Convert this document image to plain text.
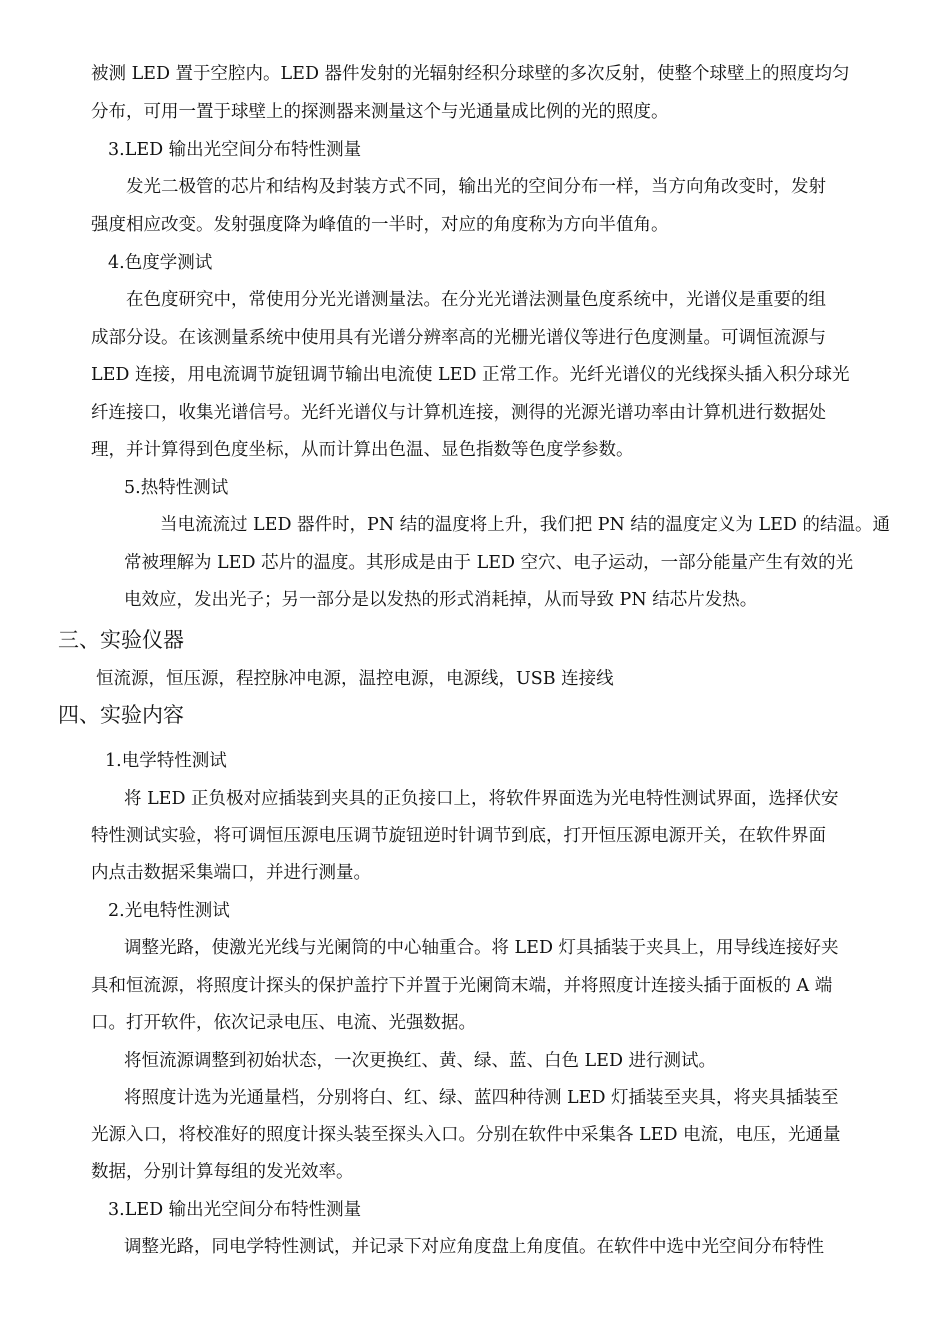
被测 LED 置于空腔内。LED 器件发射的光辐射经积分球壁的多次反射，使整个球壁上的照度均匀
分布，可用一置于球壁上的探测器来测量这个与光通量成比例的光的照度。
3.LED 输出光空间分布特性测量
发光二极管的芯片和结构及封装方式不同，输出光的空间分布一样，当方向角改变时，发射
强度相应改变。发射强度降为峰值的一半时，对应的角度称为方向半值角。
4.色度学测试
在色度研究中，常使用分光光谱测量法。在分光光谱法测量色度系统中，光谱仪是重要的组
成部分设。在该测量系统中使用具有光谱分辨率高的光栅光谱仪等进行色度测量。可调恒流源与
LED 连接，用电流调节旋钮调节输出电流使 LED 正常工作。光纤光谱仪的光线探头插入积分球光
纤连接口，收集光谱信号。光纤光谱仪与计算机连接，测得的光源光谱功率由计算机进行数据处
理，并计算得到色度坐标，从而计算出色温、显色指数等色度学参数。
5.热特性测试
当电流流过 LED 器件时，PN 结的温度将上升，我们把 PN 结的温度定义为 LED 的结温。通
常被理解为 LED 芯片的温度。其形成是由于 LED 空穴、电子运动，一部分能量产生有效的光
电效应，发出光子；另一部分是以发热的形式消耗掉，从而导致 PN 结芯片发热。
三、实验仪器
恒流源，恒压源，程控脉冲电源，温控电源，电源线，USB 连接线
四、实验内容
1.电学特性测试
将 LED 正负极对应插装到夹具的正负接口上，将软件界面选为光电特性测试界面，选择伏安
特性测试实验，将可调恒压源电压调节旋钮逆时针调节到底，打开恒压源电源开关，在软件界面
内点击数据采集端口，并进行测量。
2.光电特性测试
调整光路，使激光光线与光阑筒的中心轴重合。将 LED 灯具插装于夹具上，用导线连接好夹
具和恒流源，将照度计探头的保护盖拧下并置于光阑筒末端，并将照度计连接头插于面板的 A 端
口。打开软件，依次记录电压、电流、光强数据。
将恒流源调整到初始状态，一次更换红、黄、绿、蓝、白色 LED 进行测试。
将照度计选为光通量档，分别将白、红、绿、蓝四种待测 LED 灯插装至夹具，将夹具插装至
光源入口，将校准好的照度计探头装至探头入口。分别在软件中采集各 LED 电流，电压，光通量
数据，分别计算每组的发光效率。
3.LED 输出光空间分布特性测量
调整光路，同电学特性测试，并记录下对应角度盘上角度值。在软件中选中光空间分布特性
